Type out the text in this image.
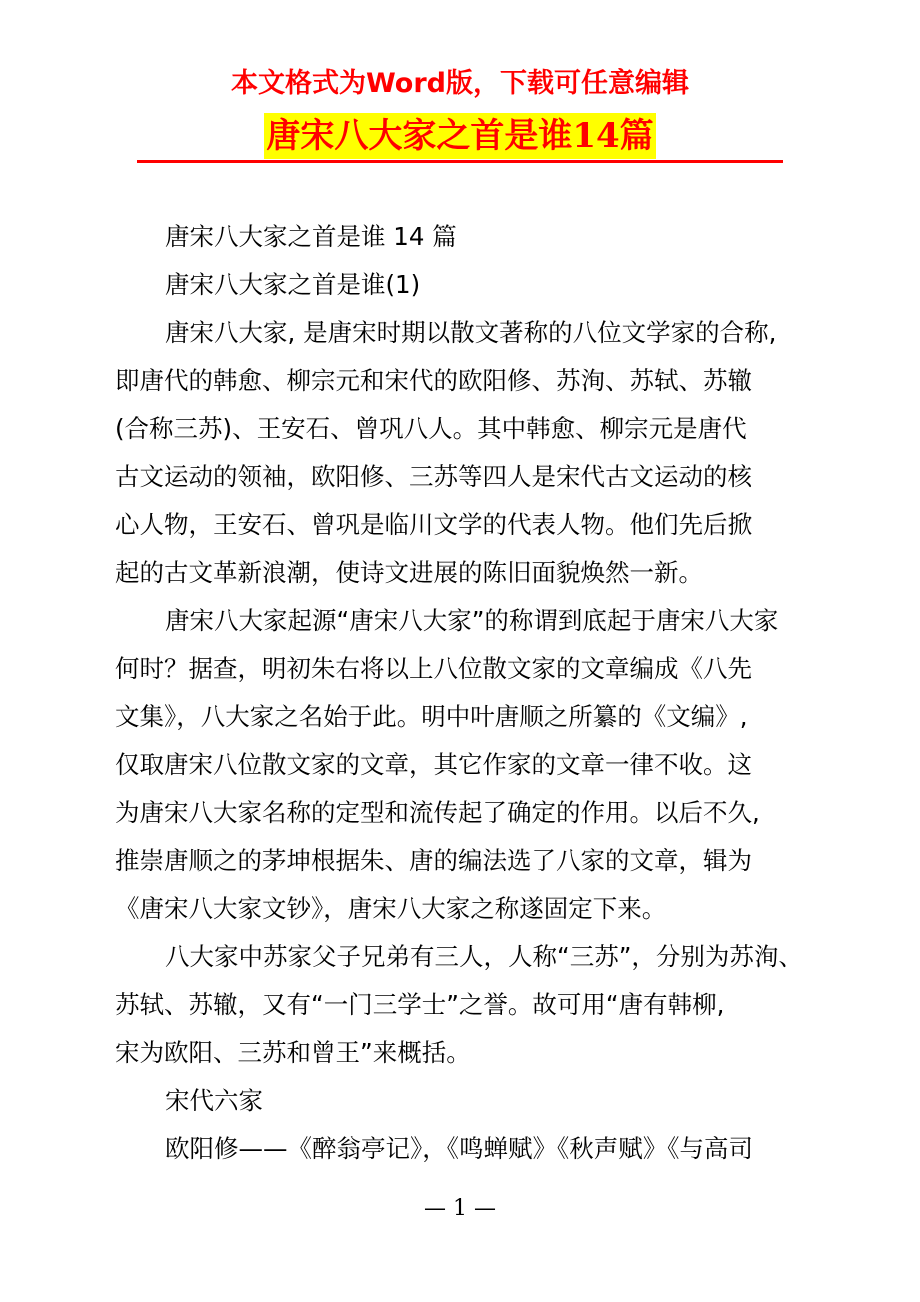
本文格式为Word版，下载可任意编辑
唐宋八大家之首是谁14篇

唐宋八大家之首是谁 14 篇

唐宋八大家之首是谁(1)

唐宋八大家, 是唐宋时期以散文著称的八位文学家的合称,
即唐代的韩愈、柳宗元和宋代的欧阳修、苏洵、苏轼、苏辙
(合称三苏)、王安石、曾巩八人。其中韩愈、柳宗元是唐代
古文运动的领袖，欧阳修、三苏等四人是宋代古文运动的核
心人物，王安石、曾巩是临川文学的代表人物。他们先后掀
起的古文革新浪潮，使诗文进展的陈旧面貌焕然一新。

唐宋八大家起源“唐宋八大家”的称谓到底起于唐宋八大家
何时？据查，明初朱右将以上八位散文家的文章编成《八先
文集》，八大家之名始于此。明中叶唐顺之所纂的《文编》,
仅取唐宋八位散文家的文章，其它作家的文章一律不收。这
为唐宋八大家名称的定型和流传起了确定的作用。以后不久,
推崇唐顺之的茅坤根据朱、唐的编法选了八家的文章，辑为
《唐宋八大家文钞》，唐宋八大家之称遂固定下来。

八大家中苏家父子兄弟有三人，人称“三苏”，分别为苏洵、
苏轼、苏辙，又有“一门三学士”之誉。故可用“唐有韩柳,
宋为欧阳、三苏和曾王”来概括。

宋代六家

欧阳修——《醉翁亭记》，《鸣蝉赋》《秋声赋》《与高司

— 1 —
